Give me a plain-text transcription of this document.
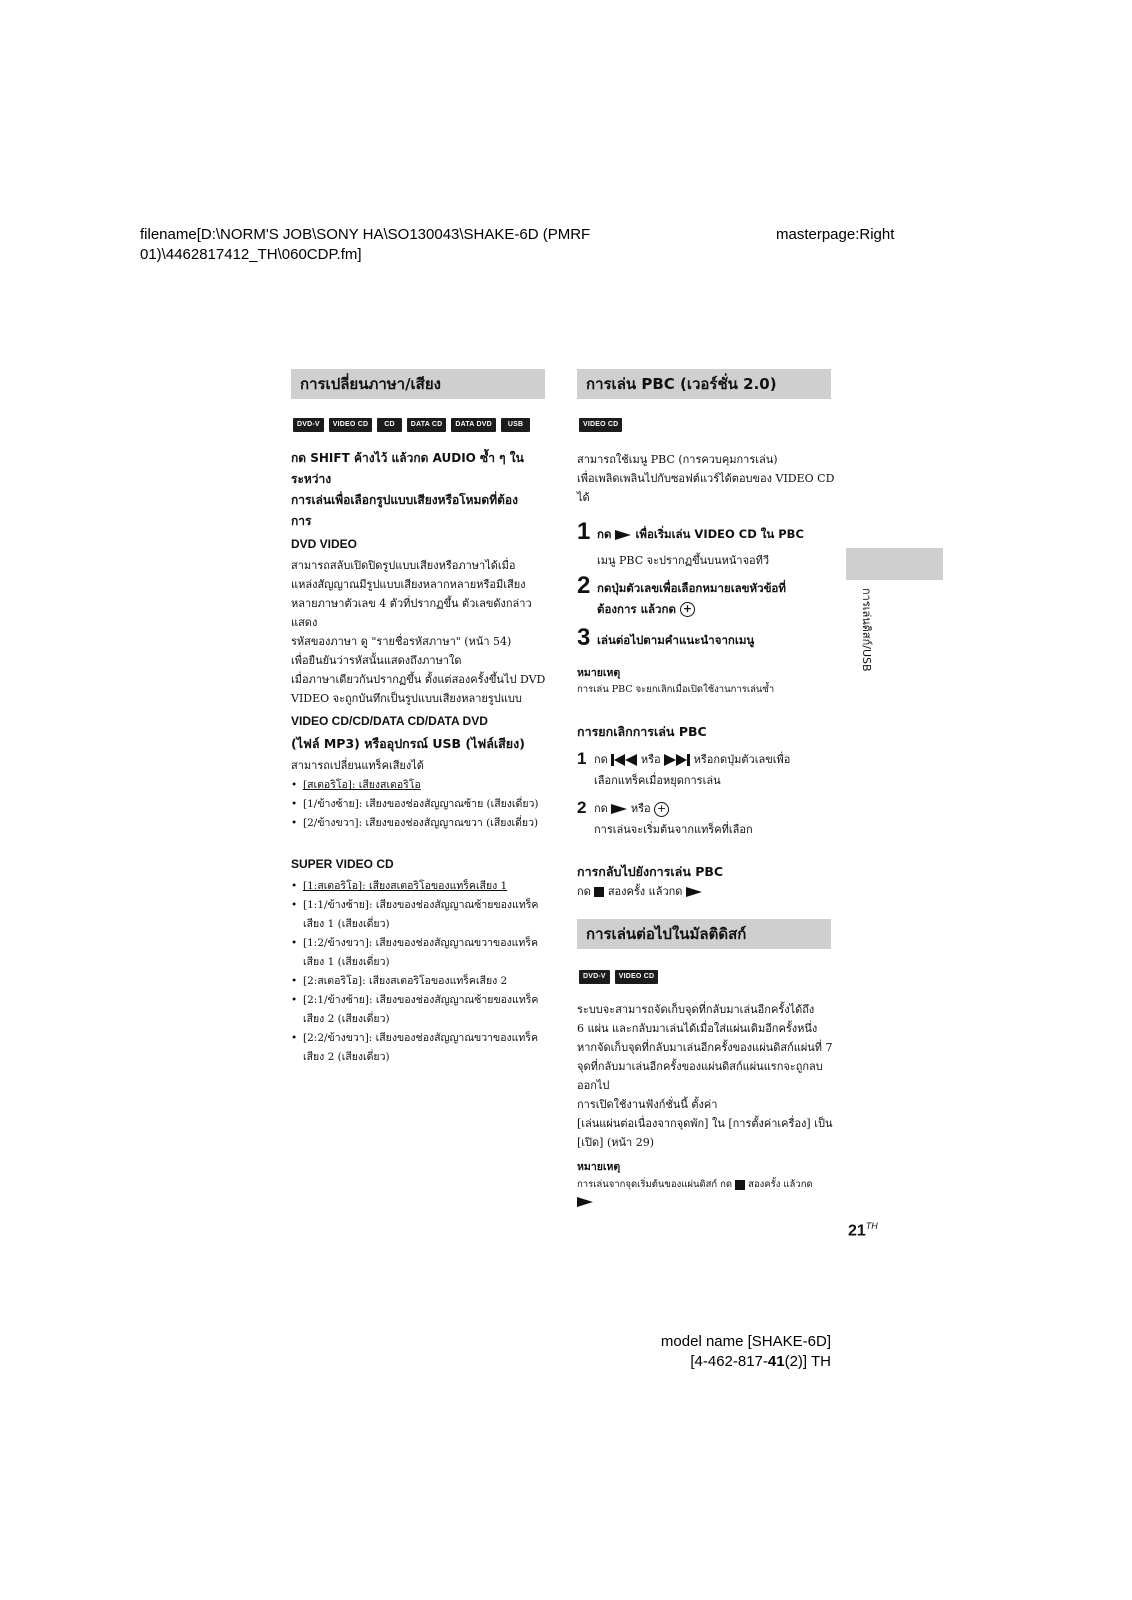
filename[D:\NORM'S JOB\SONY HA\SO130043\SHAKE-6D (PMRF
01)\4462817412_TH\060CDP.fm]
masterpage:Right
การเปลี่ยนภาษา/เสียง
DVD-V	VIDEO CD	CD	DATA CD	DATA DVD	USB
กด SHIFT ค้างไว้ แล้วกด AUDIO ซ้ำ ๆ ในระหว่าง
การเล่นเพื่อเลือกรูปแบบเสียงหรือโหมดที่ต้อง
การ
DVD VIDEO
สามารถสลับเปิดปิดรูปแบบเสียงหรือภาษาได้เมื่อ
แหล่งสัญญาณมีรูปแบบเสียงหลากหลายหรือมีเสียง
หลายภาษาตัวเลข 4 ตัวที่ปรากฏขึ้น ตัวเลขดังกล่าวแสดง
รหัสของภาษา ดู "รายชื่อรหัสภาษา" (หน้า 54)
เพื่อยืนยันว่ารหัสนั้นแสดงถึงภาษาใด
เมื่อภาษาเดียวกันปรากฏขึ้น ตั้งแต่สองครั้งขึ้นไป DVD
VIDEO จะถูกบันทึกเป็นรูปแบบเสียงหลายรูปแบบ
VIDEO CD/CD/DATA CD/DATA DVD
(ไฟล์ MP3) หรืออุปกรณ์ USB (ไฟล์เสียง)
สามารถเปลี่ยนแทร็คเสียงได้
• [สเตอริโอ]: เสียงสเตอริโอ
• [1/ข้างซ้าย]: เสียงของช่องสัญญาณซ้าย (เสียงเดี่ยว)
• [2/ข้างขวา]: เสียงของช่องสัญญาณขวา (เสียงเดี่ยว)
SUPER VIDEO CD
• [1:สเตอริโอ]: เสียงสเตอริโอของแทร็คเสียง 1
• [1:1/ข้างซ้าย]: เสียงของช่องสัญญาณซ้ายของแทร็ค
เสียง 1 (เสียงเดี่ยว)
• [1:2/ข้างขวา]: เสียงของช่องสัญญาณขวาของแทร็ค
เสียง 1 (เสียงเดี่ยว)
• [2:สเตอริโอ]: เสียงสเตอริโอของแทร็คเสียง 2
• [2:1/ข้างซ้าย]: เสียงของช่องสัญญาณซ้ายของแทร็ค
เสียง 2 (เสียงเดี่ยว)
• [2:2/ข้างขวา]: เสียงของช่องสัญญาณขวาของแทร็ค
เสียง 2 (เสียงเดี่ยว)
การเล่น PBC (เวอร์ชั่น 2.0)
VIDEO CD
สามารถใช้เมนู PBC (การควบคุมการเล่น)
เพื่อเพลิดเพลินไปกับซอฟต์แวร์ได้ตอบของ VIDEO CD
ได้
1 กด เพื่อเริ่มเล่น VIDEO CD ใน PBC
เมนู PBC จะปรากฏขึ้นบนหน้าจอทีวี
2 กดปุ่มตัวเลขเพื่อเลือกหมายเลขหัวข้อที่
ต้องการ แล้วกด +
3 เล่นต่อไปตามคำแนะนำจากเมนู
หมายเหตุ
การเล่น PBC จะยกเลิกเมื่อเปิดใช้งานการเล่นซ้ำ
การยกเลิกการเล่น PBC
1 กด	หรือ	หรือกดปุ่มตัวเลขเพื่อ
เลือกแทร็คเมื่อหยุดการเล่น
2 กด หรือ +
การเล่นจะเริ่มต้นจากแทร็คที่เลือก
การกลับไปยังการเล่น PBC
กด สองครั้ง แล้วกด
การเล่นต่อไปในมัลติดิสก์
DVD-V	VIDEO CD
ระบบจะสามารถจัดเก็บจุดที่กลับมาเล่นอีกครั้งได้ถึง
6 แผ่น และกลับมาเล่นได้เมื่อใส่แผ่นเดิมอีกครั้งหนึ่ง
หากจัดเก็บจุดที่กลับมาเล่นอีกครั้งของแผ่นดิสก์แผ่นที่ 7
จุดที่กลับมาเล่นอีกครั้งของแผ่นดิสก์แผ่นแรกจะถูกลบ
ออกไป
การเปิดใช้งานฟังก์ชั่นนี้ ตั้งค่า
[เล่นแผ่นต่อเนื่องจากจุดพัก] ใน [การตั้งค่าเครื่อง] เป็น
[เปิด] (หน้า 29)
หมายเหตุ
การเล่นจากจุดเริ่มต้นของแผ่นดิสก์ กด สองครั้ง แล้วกด

การเล่นดิสก์/USB
21TH
model name [SHAKE-6D]
[4-462-817-41(2)] TH
